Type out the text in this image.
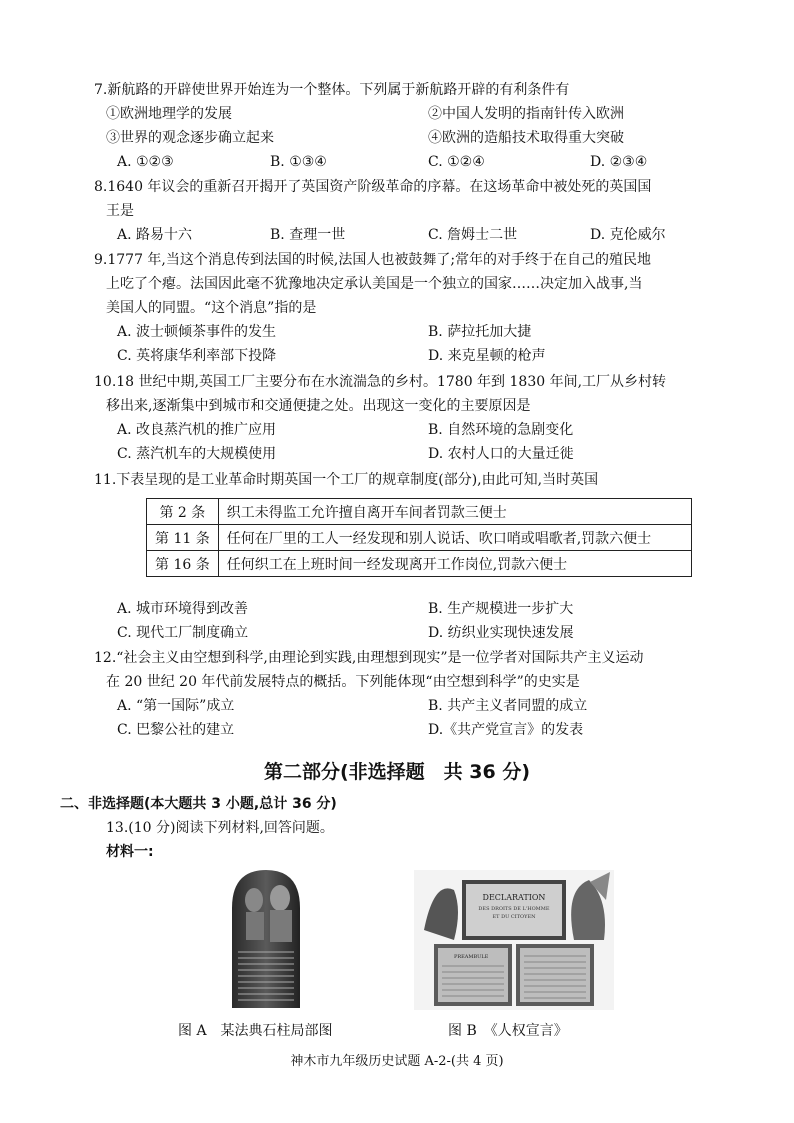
7.新航路的开辟使世界开始连为一个整体。下列属于新航路开辟的有利条件有
①欧洲地理学的发展	②中国人发明的指南针传入欧洲
③世界的观念逐步确立起来	④欧洲的造船技术取得重大突破
A. ①②③	B. ①③④	C. ①②④	D. ②③④
8.1640 年议会的重新召开揭开了英国资产阶级革命的序幕。在这场革命中被处死的英国国
王是
A. 路易十六	B. 查理一世	C. 詹姆士二世	D. 克伦威尔
9.1777 年,当这个消息传到法国的时候,法国人也被鼓舞了;常年的对手终于在自己的殖民地
上吃了个瘪。法国因此毫不犹豫地决定承认美国是一个独立的国家……决定加入战事,当
美国人的同盟。“这个消息”指的是
A. 波士顿倾茶事件的发生	B. 萨拉托加大捷
C. 英将康华利率部下投降	D. 来克星顿的枪声
10.18 世纪中期,英国工厂主要分布在水流湍急的乡村。1780 年到 1830 年间,工厂从乡村转
移出来,逐渐集中到城市和交通便捷之处。出现这一变化的主要原因是
A. 改良蒸汽机的推广应用	B. 自然环境的急剧变化
C. 蒸汽机车的大规模使用	D. 农村人口的大量迁徙
11.下表呈现的是工业革命时期英国一个工厂的规章制度(部分),由此可知,当时英国
第 2 条	织工未得监工允许擅自离开车间者罚款三便士
第 11 条	任何在厂里的工人一经发现和别人说话、吹口哨或唱歌者,罚款六便士
第 16 条	任何织工在上班时间一经发现离开工作岗位,罚款六便士
A. 城市环境得到改善	B. 生产规模进一步扩大
C. 现代工厂制度确立	D. 纺织业实现快速发展
12.“社会主义由空想到科学,由理论到实践,由理想到现实”是一位学者对国际共产主义运动
在 20 世纪 20 年代前发展特点的概括。下列能体现“由空想到科学”的史实是
A. “第一国际”成立	B. 共产主义者同盟的成立
C. 巴黎公社的建立	D.《共产党宣言》的发表
第二部分(非选择题　共 36 分)
二、非选择题(本大题共 3 小题,总计 36 分)
13.(10 分)阅读下列材料,回答问题。
材料一:
DECLARATION
DES DROITS DE L'HOMME
ET DU CITOYEN
PREAMBULE
图 A　某法典石柱局部图	图 B　《人权宣言》
神木市九年级历史试题 A-2-(共 4 页)
